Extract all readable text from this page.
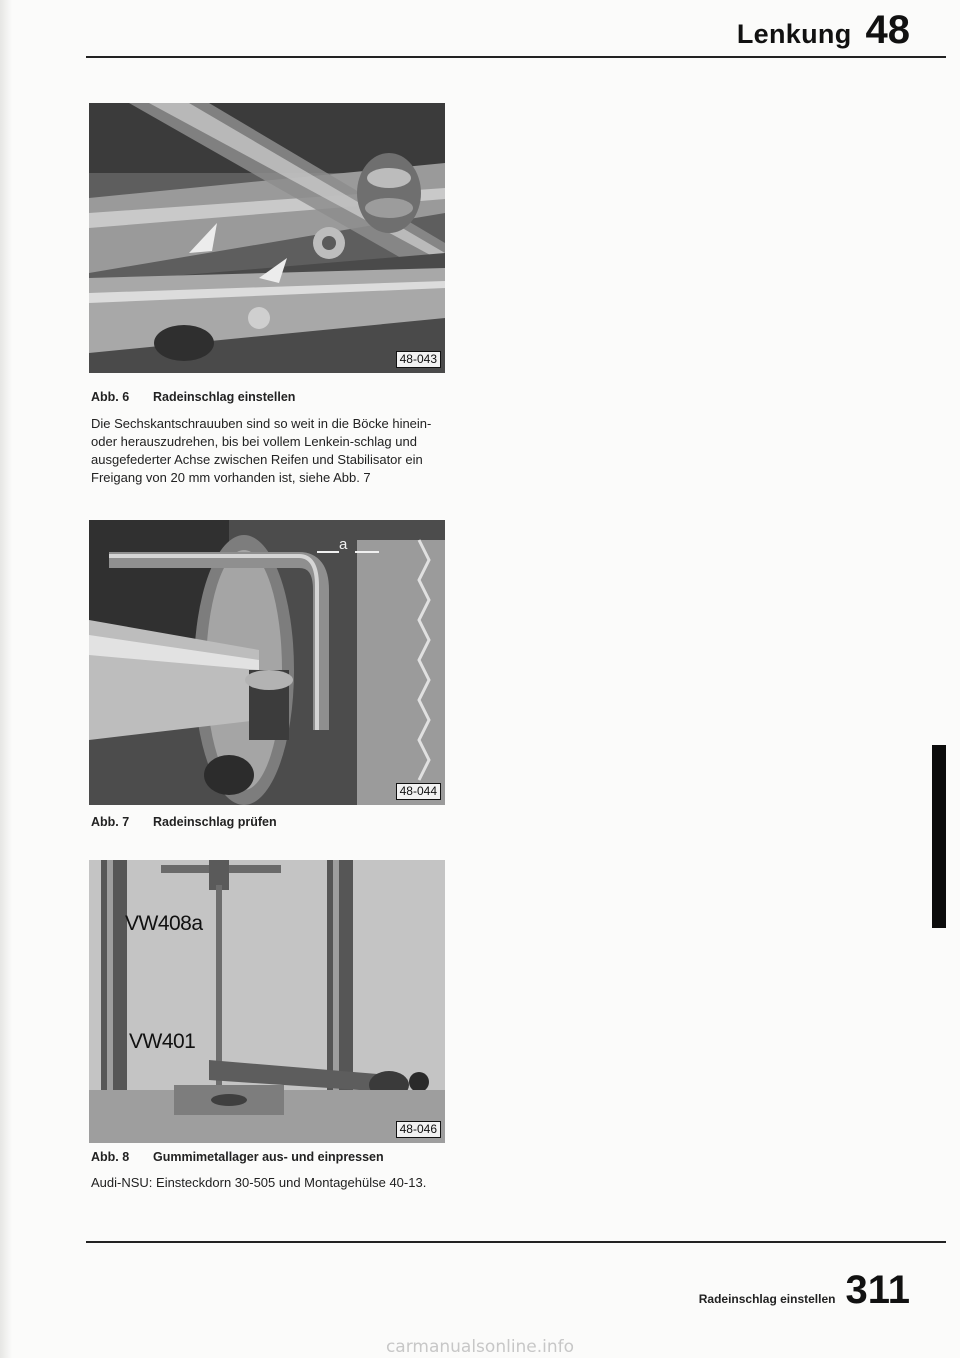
Lenkung 48
48-043
Abb. 6 Radeinschlag einstellen
Die Sechskantschrauuben sind so weit in die Böcke hinein- oder herauszudrehen, bis bei vollem Lenkein-schlag und ausgefederter Achse zwischen Reifen und Stabilisator ein Freigang von 20 mm vorhanden ist, siehe Abb. 7
a
48-044
Abb. 7 Radeinschlag prüfen
VW408a
VW401
48-046
Abb. 8 Gummimetallager aus- und einpressen
Audi-NSU: Einsteckdorn 30-505 und Montagehülse 40-13.
Radeinschlag einstellen 311
carmanualsonline.info
